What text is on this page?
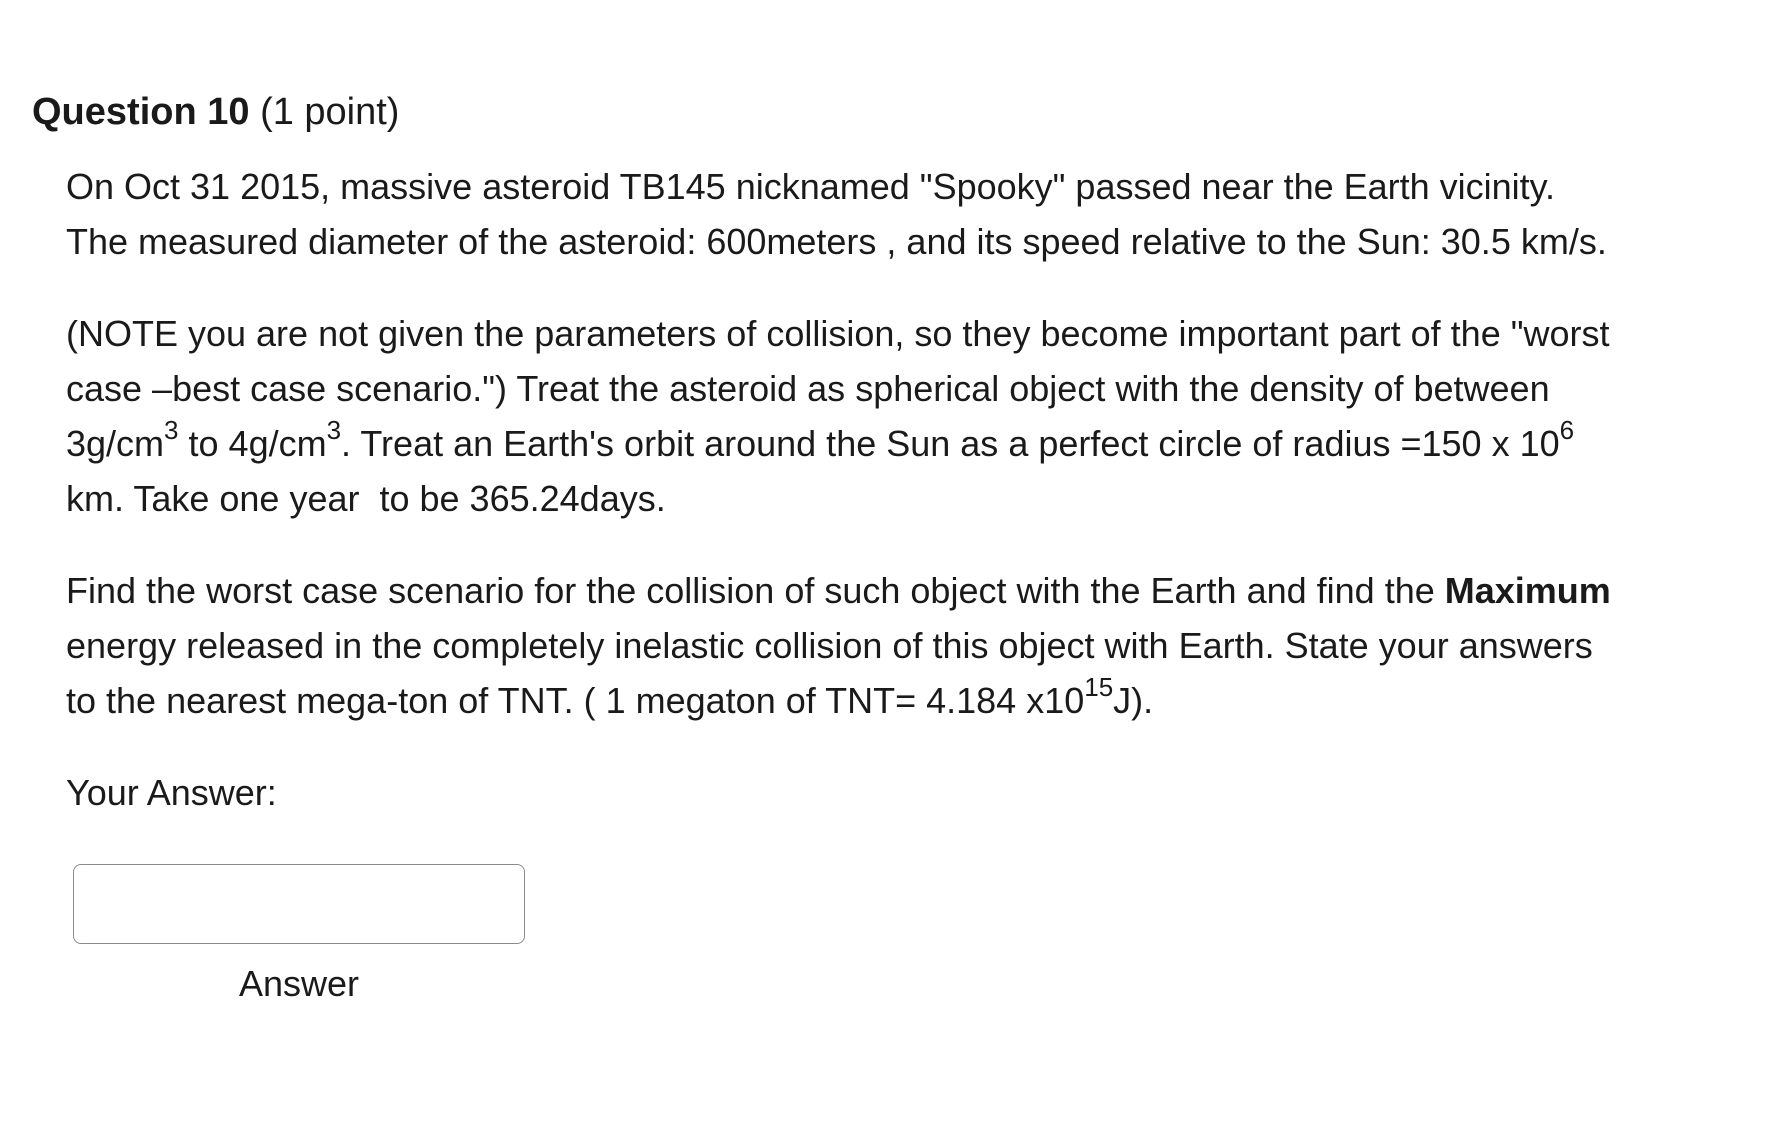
Question 10 (1 point)

On Oct 31 2015, massive asteroid TB145 nicknamed "Spooky" passed near the Earth vicinity. The measured diameter of the asteroid: 600meters , and its speed relative to the Sun: 30.5 km/s.

(NOTE you are not given the parameters of collision, so they become important part of the "worst case –best case scenario.") Treat the asteroid as spherical object with the density of between $3g/cm^3$ to $4g/cm^3$. Treat an Earth's orbit around the Sun as a perfect circle of radius =150 x $10^6$ km. Take one year  to be 365.24days.

Find the worst case scenario for the collision of such object with the Earth and find the Maximum energy released in the completely inelastic collision of this object with Earth. State your answers to the nearest mega-ton of TNT. ( 1 megaton of TNT= 4.184 $x10^{15}J$).

Your Answer:

Answer
